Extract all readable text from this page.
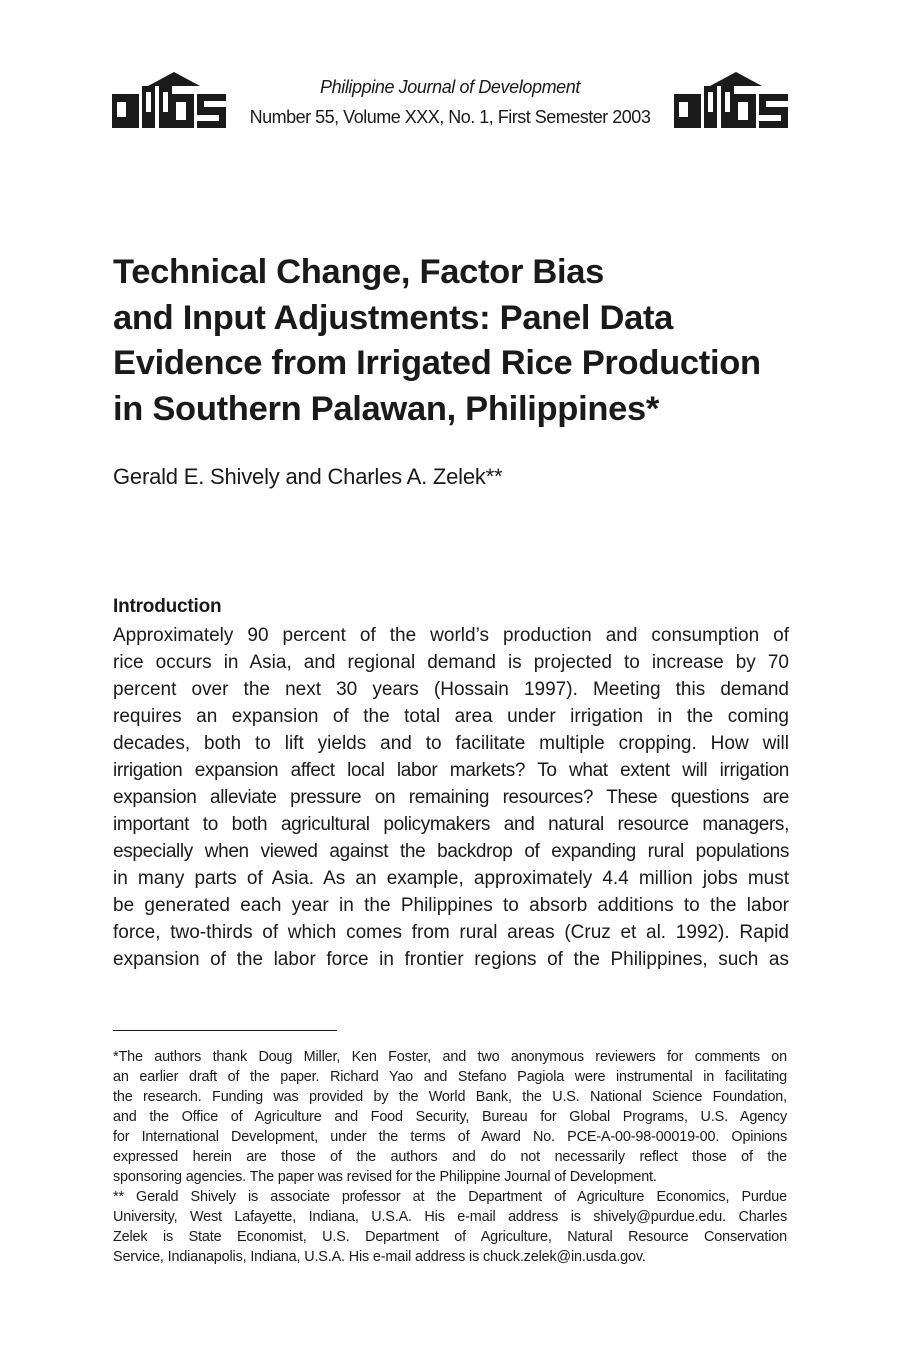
Philippine Journal of Development
Number 55, Volume XXX, No. 1, First Semester 2003
Technical Change, Factor Bias
and Input Adjustments: Panel Data
Evidence from Irrigated Rice Production
in Southern Palawan, Philippines*
Gerald E. Shively and Charles A. Zelek**
Introduction

Approximately 90 percent of the world’s production and consumption of
rice occurs in Asia, and regional demand is projected to increase by 70
percent over the next 30 years (Hossain 1997). Meeting this demand
requires an expansion of the total area under irrigation in the coming
decades, both to lift yields and to facilitate multiple cropping. How will
irrigation expansion affect local labor markets? To what extent will irrigation
expansion alleviate pressure on remaining resources? These questions are
important to both agricultural policymakers and natural resource managers,
especially when viewed against the backdrop of expanding rural populations
in many parts of Asia. As an example, approximately 4.4 million jobs must
be generated each year in the Philippines to absorb additions to the labor
force, two-thirds of which comes from rural areas (Cruz et al. 1992). Rapid
expansion of the labor force in frontier regions of the Philippines, such as

*The authors thank Doug Miller, Ken Foster, and two anonymous reviewers for comments on
an earlier draft of the paper. Richard Yao and Stefano Pagiola were instrumental in facilitating
the research. Funding was provided by the World Bank, the U.S. National Science Foundation,
and the Office of Agriculture and Food Security, Bureau for Global Programs, U.S. Agency
for International Development, under the terms of Award No. PCE-A-00-98-00019-00. Opinions
expressed herein are those of the authors and do not necessarily reflect those of the
sponsoring agencies. The paper was revised for the Philippine Journal of Development.
** Gerald Shively is associate professor at the Department of Agriculture Economics, Purdue
University, West Lafayette, Indiana, U.S.A. His e-mail address is shively@purdue.edu. Charles
Zelek is State Economist, U.S. Department of Agriculture, Natural Resource Conservation
Service, Indianapolis, Indiana, U.S.A. His e-mail address is chuck.zelek@in.usda.gov.
